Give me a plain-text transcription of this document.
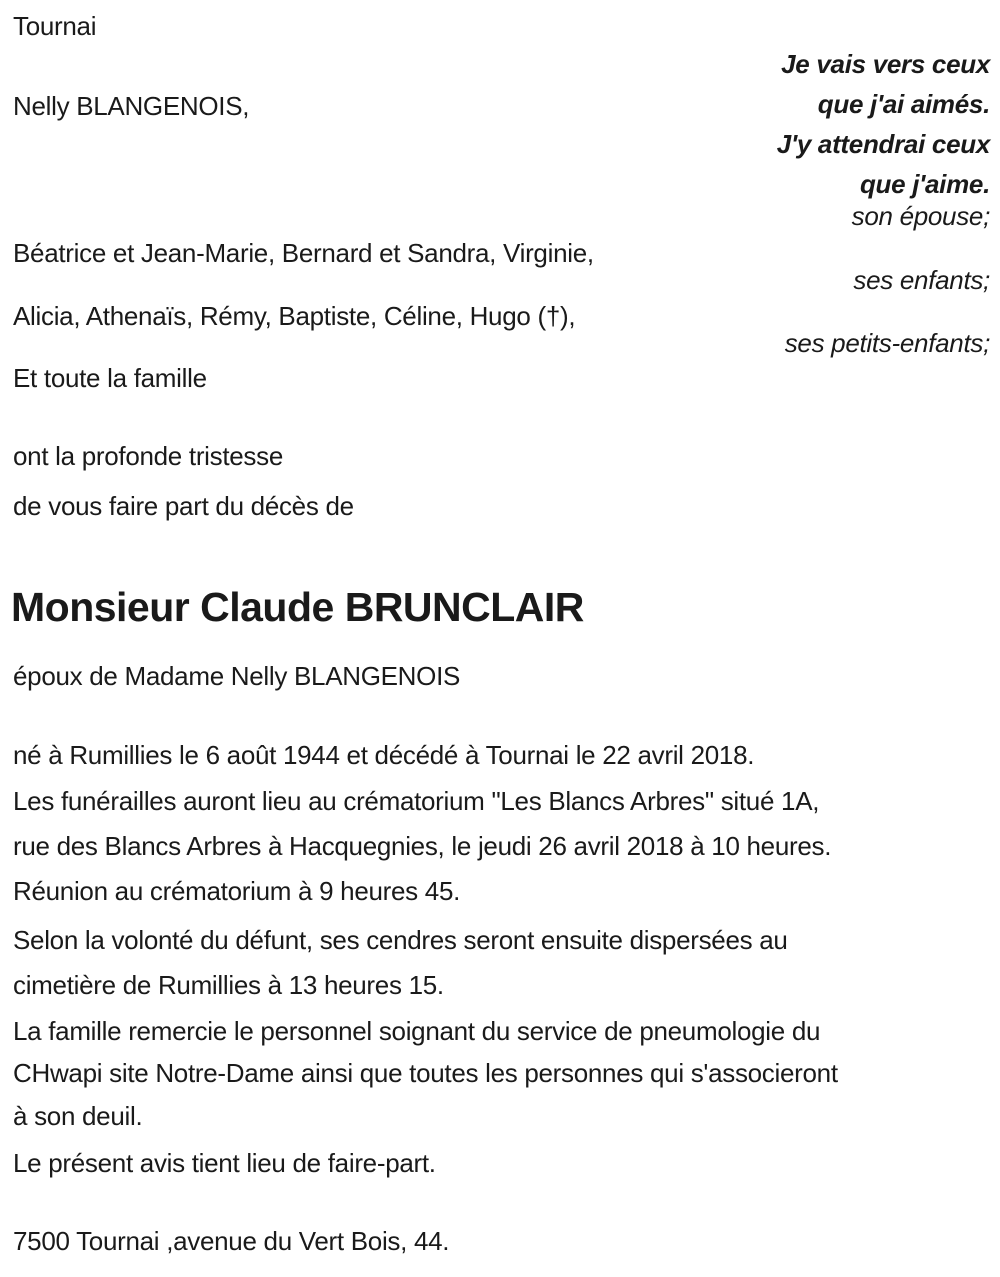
Tournai
Je vais vers ceux
que j'ai aimés.
J'y attendrai ceux
que j'aime.
Nelly BLANGENOIS,
son épouse;
Béatrice et Jean-Marie, Bernard et Sandra, Virginie,
ses enfants;
Alicia, Athenaïs, Rémy, Baptiste, Céline, Hugo (†),
ses petits-enfants;
Et toute la famille
ont la profonde tristesse
de vous faire part du décès de
Monsieur Claude BRUNCLAIR
époux de Madame Nelly BLANGENOIS
né à Rumillies le 6 août 1944 et décédé à Tournai le 22 avril 2018.
Les funérailles auront lieu au crématorium "Les Blancs Arbres" situé 1A,
rue des Blancs Arbres à Hacquegnies, le jeudi 26 avril 2018 à 10 heures.
Réunion au crématorium à 9 heures 45.
Selon la volonté du défunt, ses cendres seront ensuite dispersées au
cimetière de Rumillies à 13 heures 15.
La famille remercie le personnel soignant du service de pneumologie du
CHwapi site Notre-Dame ainsi que toutes les personnes qui s'associeront
à son deuil.
Le présent avis tient lieu de faire-part.
7500 Tournai ,avenue du Vert Bois, 44.
